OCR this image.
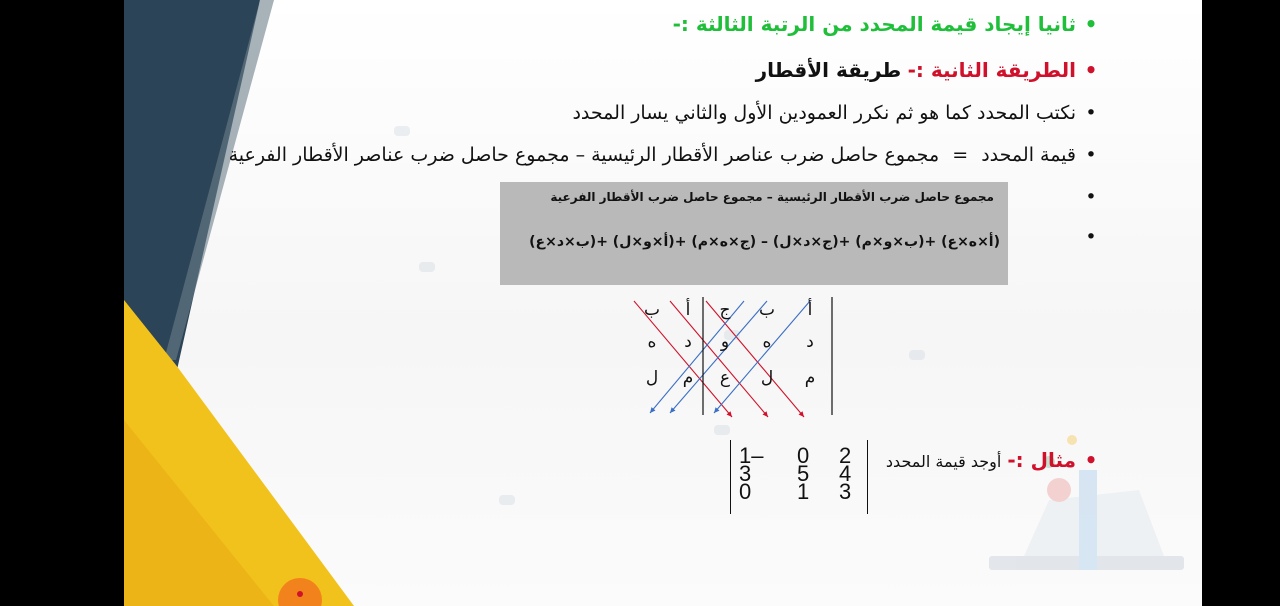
•ثانيا إيجاد قيمة المحدد من الرتبة الثالثة :-
•الطريقة الثانية :- طريقة الأقطار
•نكتب المحدد كما هو ثم نكرر العمودين الأول والثاني يسار المحدد
•قيمة المحدد = مجموع حاصل ضرب عناصر الأقطار الرئيسية – مجموع حاصل ضرب عناصر الأقطار الفرعية
•
•
مجموع حاصل ضرب الأقطار الرئيسية – مجموع حاصل ضرب الأقطار الفرعية
(أ×ه×ع) +(ب×و×م) +(ج×د×ل) – (ج×ه×م) +(أ×و×ل) +(ب×د×ع)
أ
ب
ج
أ
ب
د
ه
و
د
ه
م
ل
ع
م
ل
•مثال :- أوجد قيمة المحدد
2
0
1–
4
5
3
3
1
0
